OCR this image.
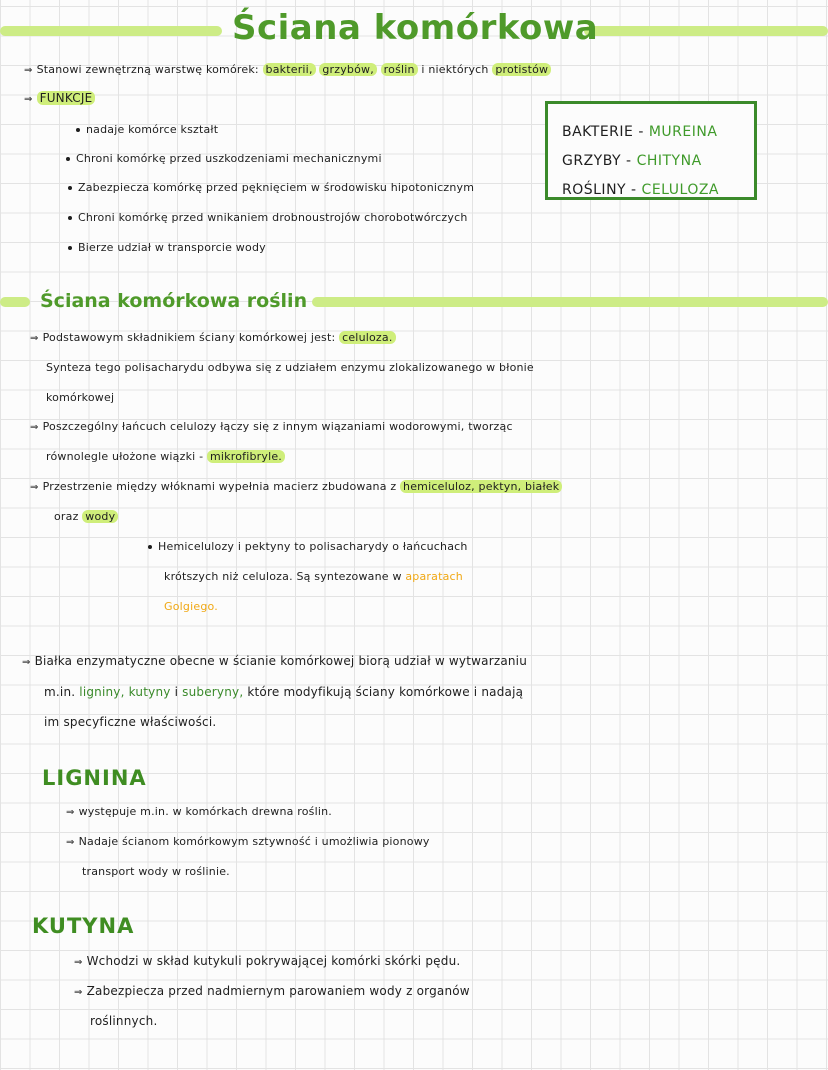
Ściana komórkowa
⇒ Stanowi zewnętrzną warstwę komórek: bakterii, grzybów, roślin i niektórych protistów
⇒ FUNKCJE
nadaje komórce kształt
Chroni komórkę przed uszkodzeniami mechanicznymi
Zabezpiecza komórkę przed pęknięciem w środowisku hipotonicznym
Chroni komórkę przed wnikaniem drobnoustrojów chorobotwórczych
Bierze udział w transporcie wody
BAKTERIE - MUREINA
GRZYBY - CHITYNA
ROŚLINY - CELULOZA
Ściana komórkowa roślin
⇒ Podstawowym składnikiem ściany komórkowej jest: celuloza.
Synteza tego polisacharydu odbywa się z udziałem enzymu zlokalizowanego w błonie
komórkowej
⇒ Poszczególny łańcuch celulozy łączy się z innym wiązaniami wodorowymi, tworząc
równolegle ułożone wiązki - mikrofibryle.
⇒ Przestrzenie między włóknami wypełnia macierz zbudowana z hemiceluloz, pektyn, białek
oraz wody
Hemicelulozy i pektyny to polisacharydy o łańcuchach
krótszych niż celuloza. Są syntezowane w aparatach
Golgiego.
⇒ Białka enzymatyczne obecne w ścianie komórkowej biorą udział w wytwarzaniu
m.in. ligniny, kutyny i suberyny, które modyfikują ściany komórkowe i nadają
im specyficzne właściwości.
LIGNINA
⇒ występuje m.in. w komórkach drewna roślin.
⇒ Nadaje ścianom komórkowym sztywność i umożliwia pionowy
transport wody w roślinie.
KUTYNA
⇒ Wchodzi w skład kutykuli pokrywającej komórki skórki pędu.
⇒ Zabezpiecza przed nadmiernym parowaniem wody z organów
roślinnych.
